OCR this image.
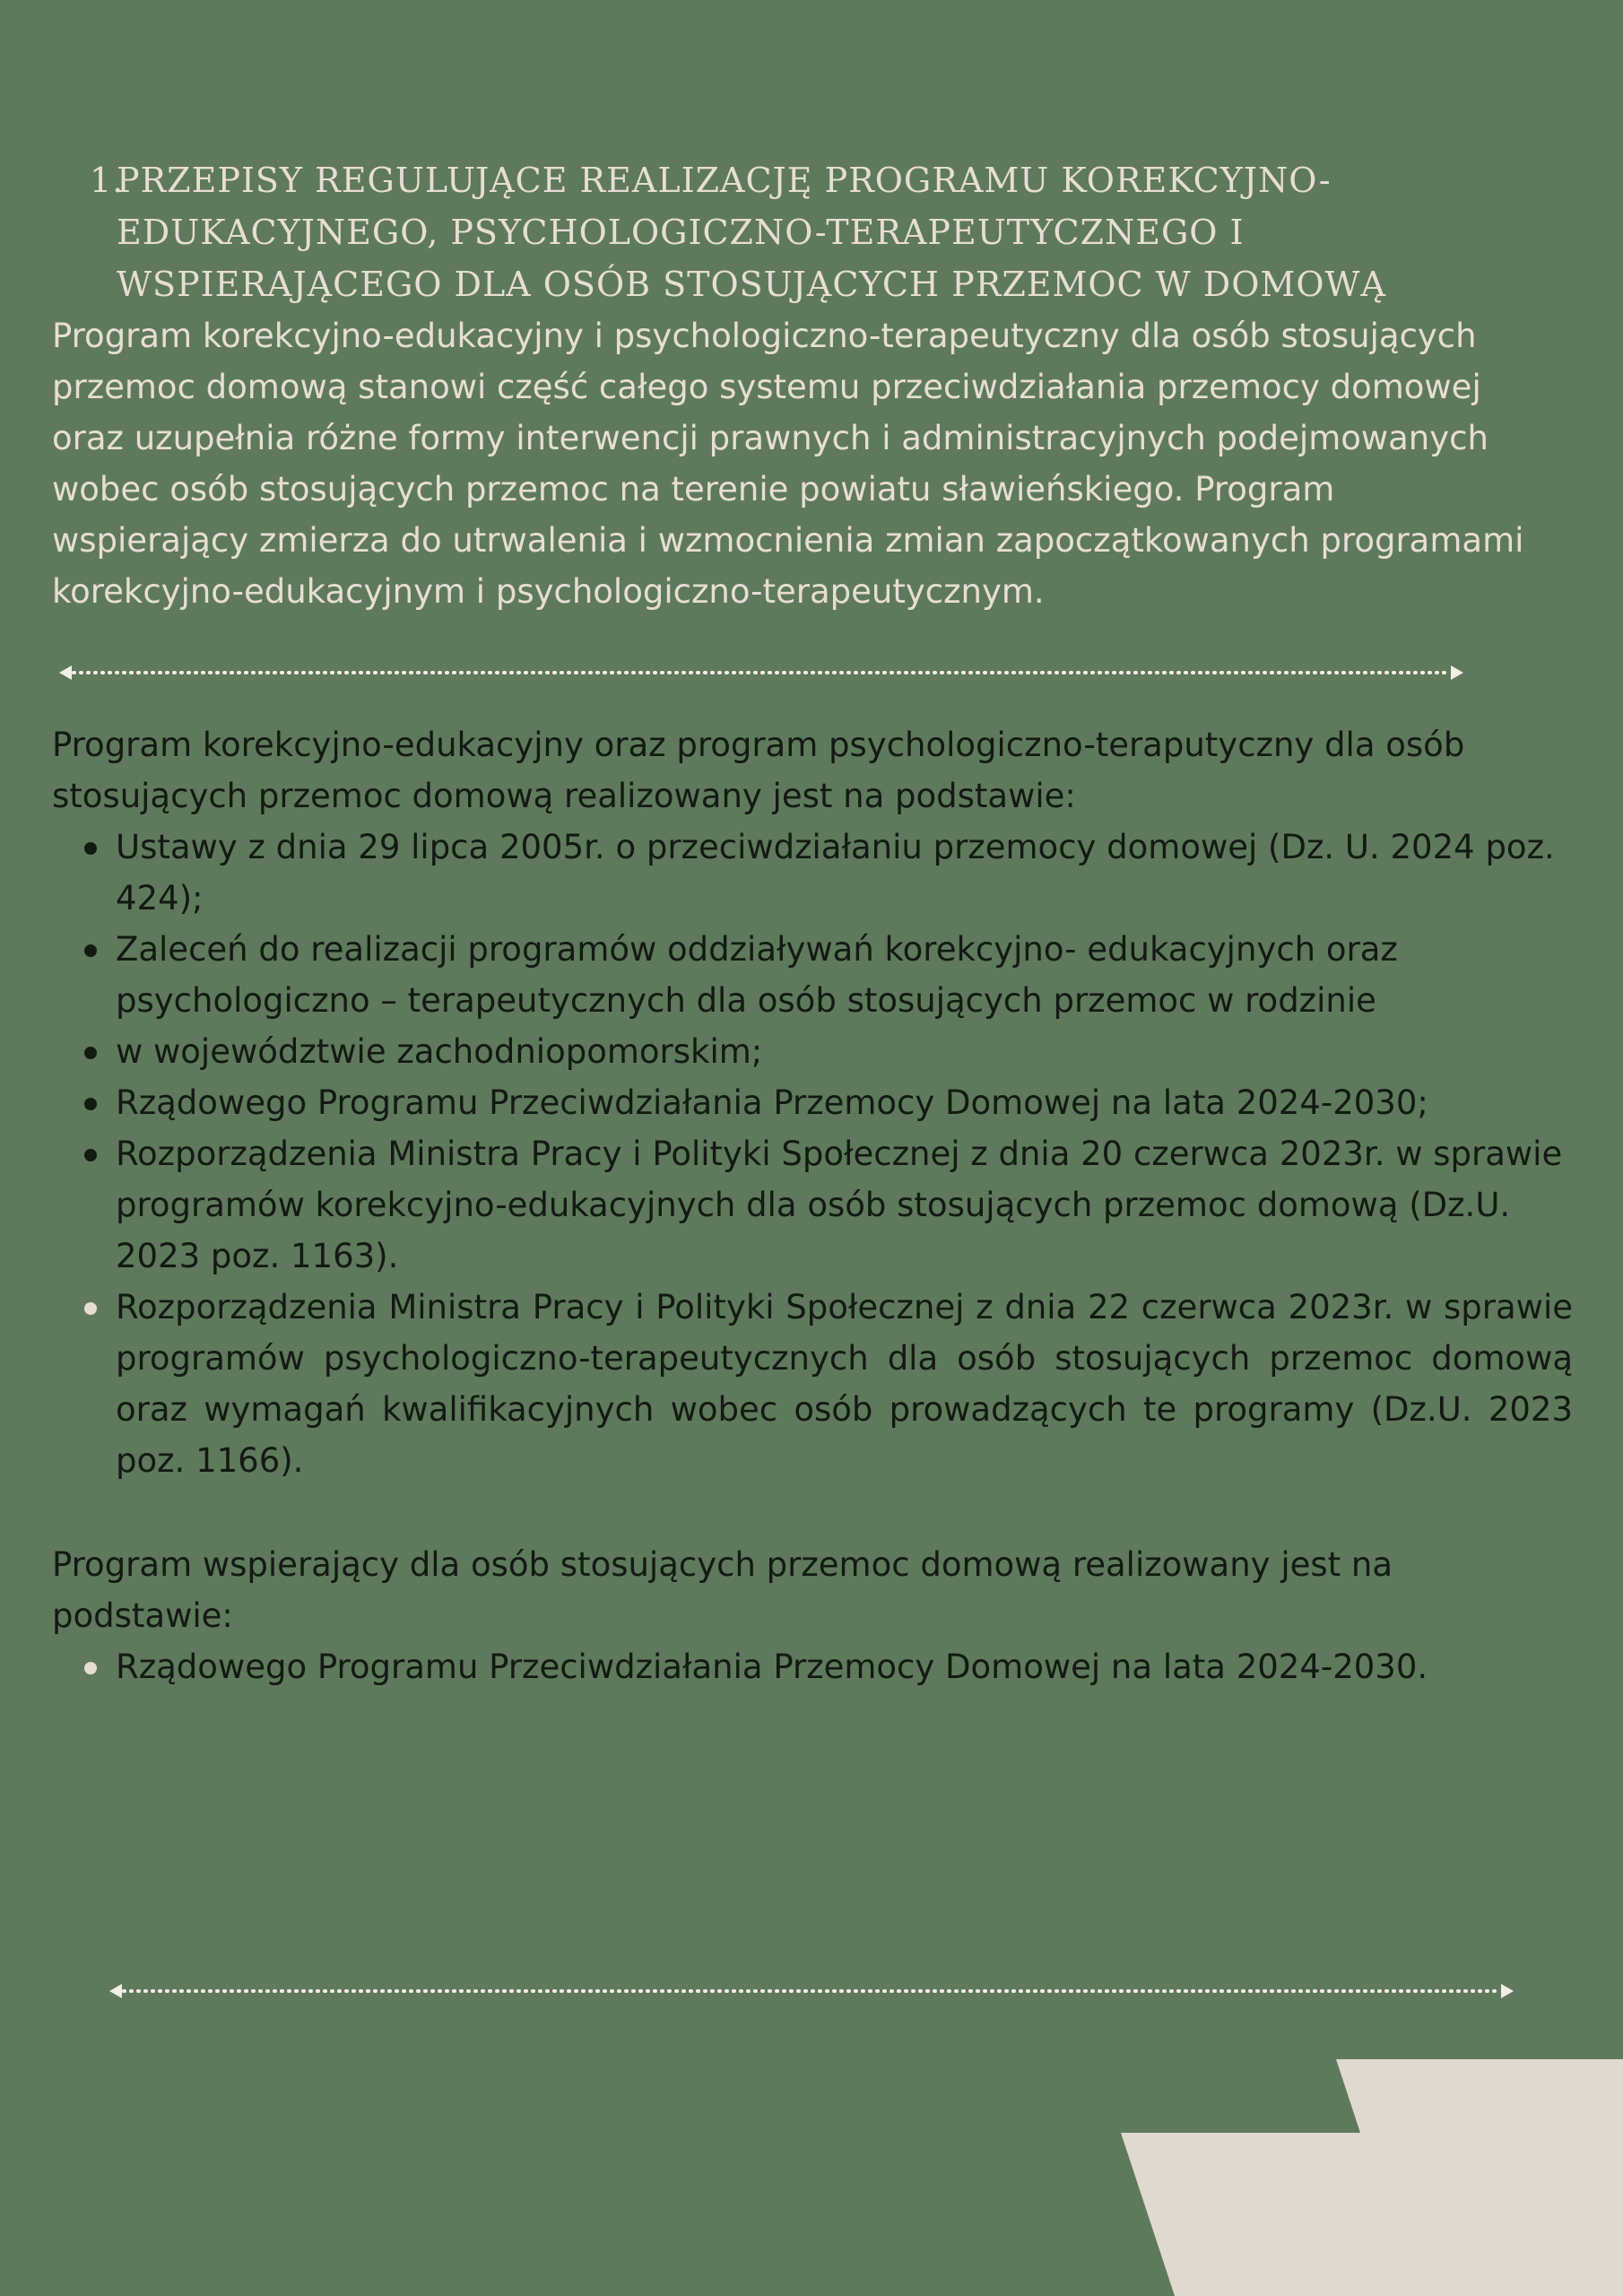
1.
PRZEPISY REGULUJĄCE REALIZACJĘ PROGRAMU KOREKCYJNO-
EDUKACYJNEGO, PSYCHOLOGICZNO-TERAPEUTYCZNEGO I
WSPIERAJĄCEGO DLA OSÓB STOSUJĄCYCH PRZEMOC W DOMOWĄ

Program korekcyjno-edukacyjny i psychologiczno-terapeutyczny dla osób stosujących
przemoc domową stanowi część całego systemu przeciwdziałania przemocy domowej
oraz uzupełnia różne formy interwencji prawnych i administracyjnych podejmowanych
wobec osób stosujących przemoc na terenie powiatu sławieńskiego. Program
wspierający zmierza do utrwalenia i wzmocnienia zmian zapoczątkowanych programami
korekcyjno-edukacyjnym i psychologiczno-terapeutycznym.

Program korekcyjno-edukacyjny oraz program psychologiczno-teraputyczny dla osób
stosujących przemoc domową realizowany jest na podstawie:

Ustawy z dnia 29 lipca 2005r. o przeciwdziałaniu przemocy domowej (Dz. U. 2024 poz. 424);
Zaleceń do realizacji programów oddziaływań korekcyjno- edukacyjnych oraz psychologiczno – terapeutycznych dla osób stosujących przemoc w rodzinie
w województwie zachodniopomorskim;
Rządowego Programu Przeciwdziałania Przemocy Domowej na lata 2024-2030;
Rozporządzenia Ministra Pracy i Polityki Społecznej z dnia 20 czerwca 2023r. w sprawie programów korekcyjno-edukacyjnych dla osób stosujących przemoc domową (Dz.U. 2023 poz. 1163).
Rozporządzenia Ministra Pracy i Polityki Społecznej z dnia 22 czerwca 2023r. w sprawie programów psychologiczno-terapeutycznych dla osób stosujących przemoc domową oraz wymagań kwalifikacyjnych wobec osób prowadzących te programy (Dz.U. 2023 poz. 1166).

Program wspierający dla osób stosujących przemoc domową realizowany jest na
podstawie:

Rządowego Programu Przeciwdziałania Przemocy Domowej na lata 2024-2030.
